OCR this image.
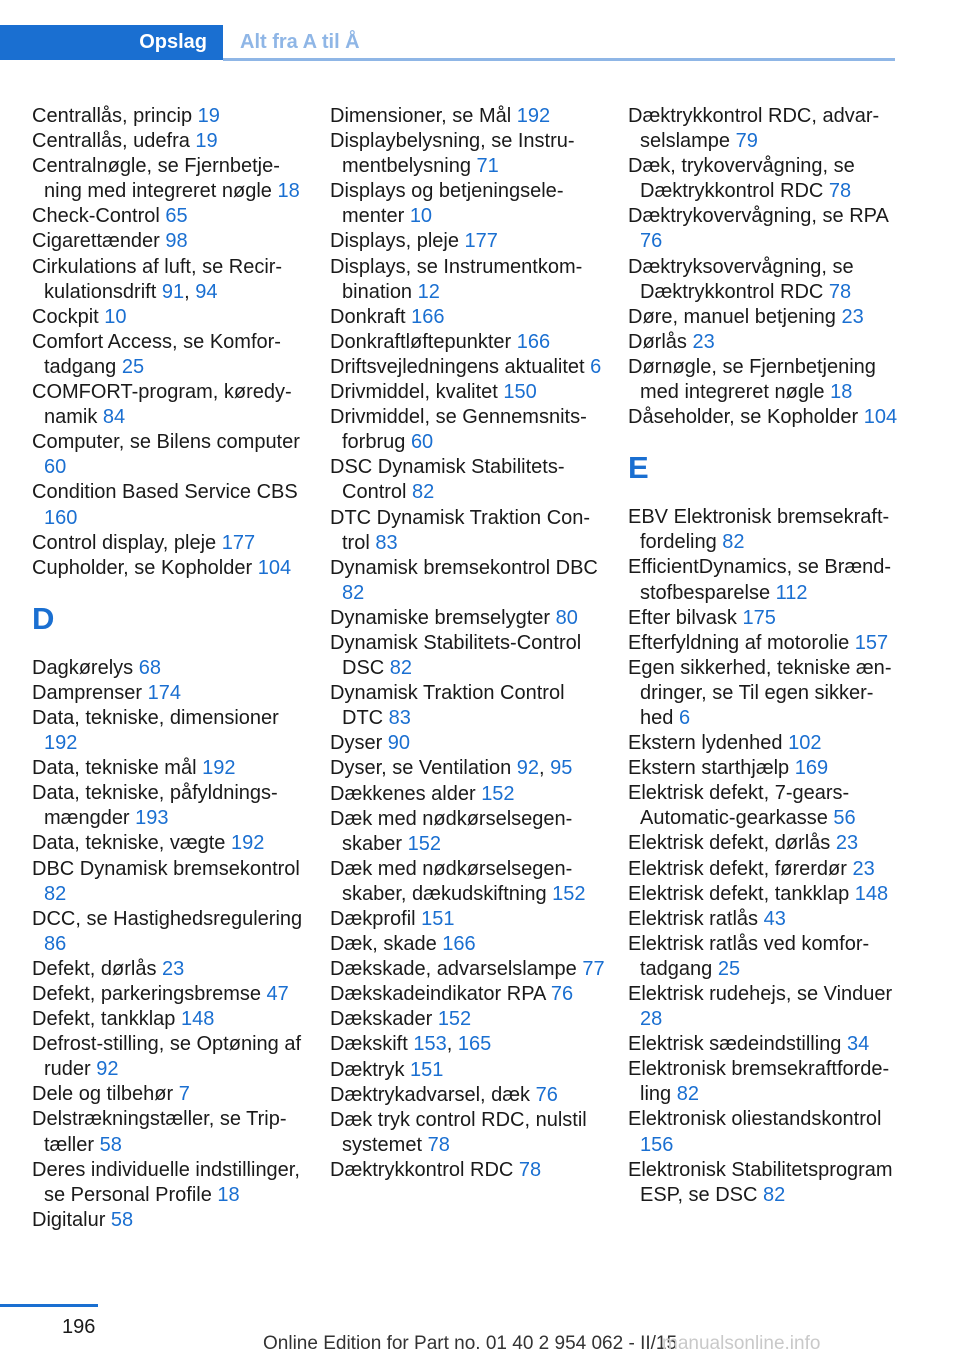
Opslag	Alt fra A til Å
Centrallås, princip 19
Centrallås, udefra 19
Centralnøgle, se Fjernbetjening med integreret nøgle 18
Check-Control 65
Cigarettænder 98
Cirkulations af luft, se Recirkulationsdrift 91, 94
Cockpit 10
Comfort Access, se Komfortadgang 25
COMFORT-program, køredynamik 84
Computer, se Bilens computer 60
Condition Based Service CBS 160
Control display, pleje 177
Cupholder, se Kopholder 104
D
Dagkørelys 68
Damprenser 174
Data, tekniske, dimensioner 192
Data, tekniske mål 192
Data, tekniske, påfyldningsmængder 193
Data, tekniske, vægte 192
DBC Dynamisk bremsekontrol 82
DCC, se Hastighedsregulering 86
Defekt, dørlås 23
Defekt, parkeringsbremse 47
Defekt, tankklap 148
Defrost-stilling, se Optøning af ruder 92
Dele og tilbehør 7
Delstrækningstæller, se Triptæller 58
Deres individuelle indstillinger, se Personal Profile 18
Digitalur 58
Dimensioner, se Mål 192
Displaybelysning, se Instrumentbelysning 71
Displays og betjeningselementer 10
Displays, pleje 177
Displays, se Instrumentkombination 12
Donkraft 166
Donkraftløftepunkter 166
Driftsvejledningens aktualitet 6
Drivmiddel, kvalitet 150
Drivmiddel, se Gennemsnitsforbrug 60
DSC Dynamisk Stabilitets-Control 82
DTC Dynamisk Traktion Control 83
Dynamisk bremsekontrol DBC 82
Dynamiske bremselygter 80
Dynamisk Stabilitets-Control DSC 82
Dynamisk Traktion Control DTC 83
Dyser 90
Dyser, se Ventilation 92, 95
Dækkenes alder 152
Dæk med nødkørselsegenskaber 152
Dæk med nødkørselsegenskaber, dækudskiftning 152
Dækprofil 151
Dæk, skade 166
Dækskade, advarselslampe 77
Dækskadeindikator RPA 76
Dækskader 152
Dækskift 153, 165
Dæktryk 151
Dæktrykadvarsel, dæk 76
Dæk tryk control RDC, nulstil systemet 78
Dæktrykkontrol RDC 78
Dæktrykkontrol RDC, advarselslampe 79
Dæk, trykovervågning, se Dæktrykkontrol RDC 78
Dæktrykovervågning, se RPA 76
Dæktryksovervågning, se Dæktrykkontrol RDC 78
Døre, manuel betjening 23
Dørlås 23
Dørnøgle, se Fjernbetjening med integreret nøgle 18
Dåseholder, se Kopholder 104
E
EBV Elektronisk bremsekraftfordeling 82
EfficientDynamics, se Brændstofbesparelse 112
Efter bilvask 175
Efterfyldning af motorolie 157
Egen sikkerhed, tekniske ændringer, se Til egen sikkerhed 6
Ekstern lydenhed 102
Ekstern starthjælp 169
Elektrisk defekt, 7-gears-Automatic-gearkasse 56
Elektrisk defekt, dørlås 23
Elektrisk defekt, førerdør 23
Elektrisk defekt, tankklap 148
Elektrisk ratlås 43
Elektrisk ratlås ved komfortadgang 25
Elektrisk rudehejs, se Vinduer 28
Elektrisk sædeindstilling 34
Elektronisk bremsekraftfordeling 82
Elektronisk oliestandskontrol 156
Elektronisk Stabilitetsprogram ESP, se DSC 82
196
Online Edition for Part no. 01 40 2 954 062 - II/15
manualsonline.info
